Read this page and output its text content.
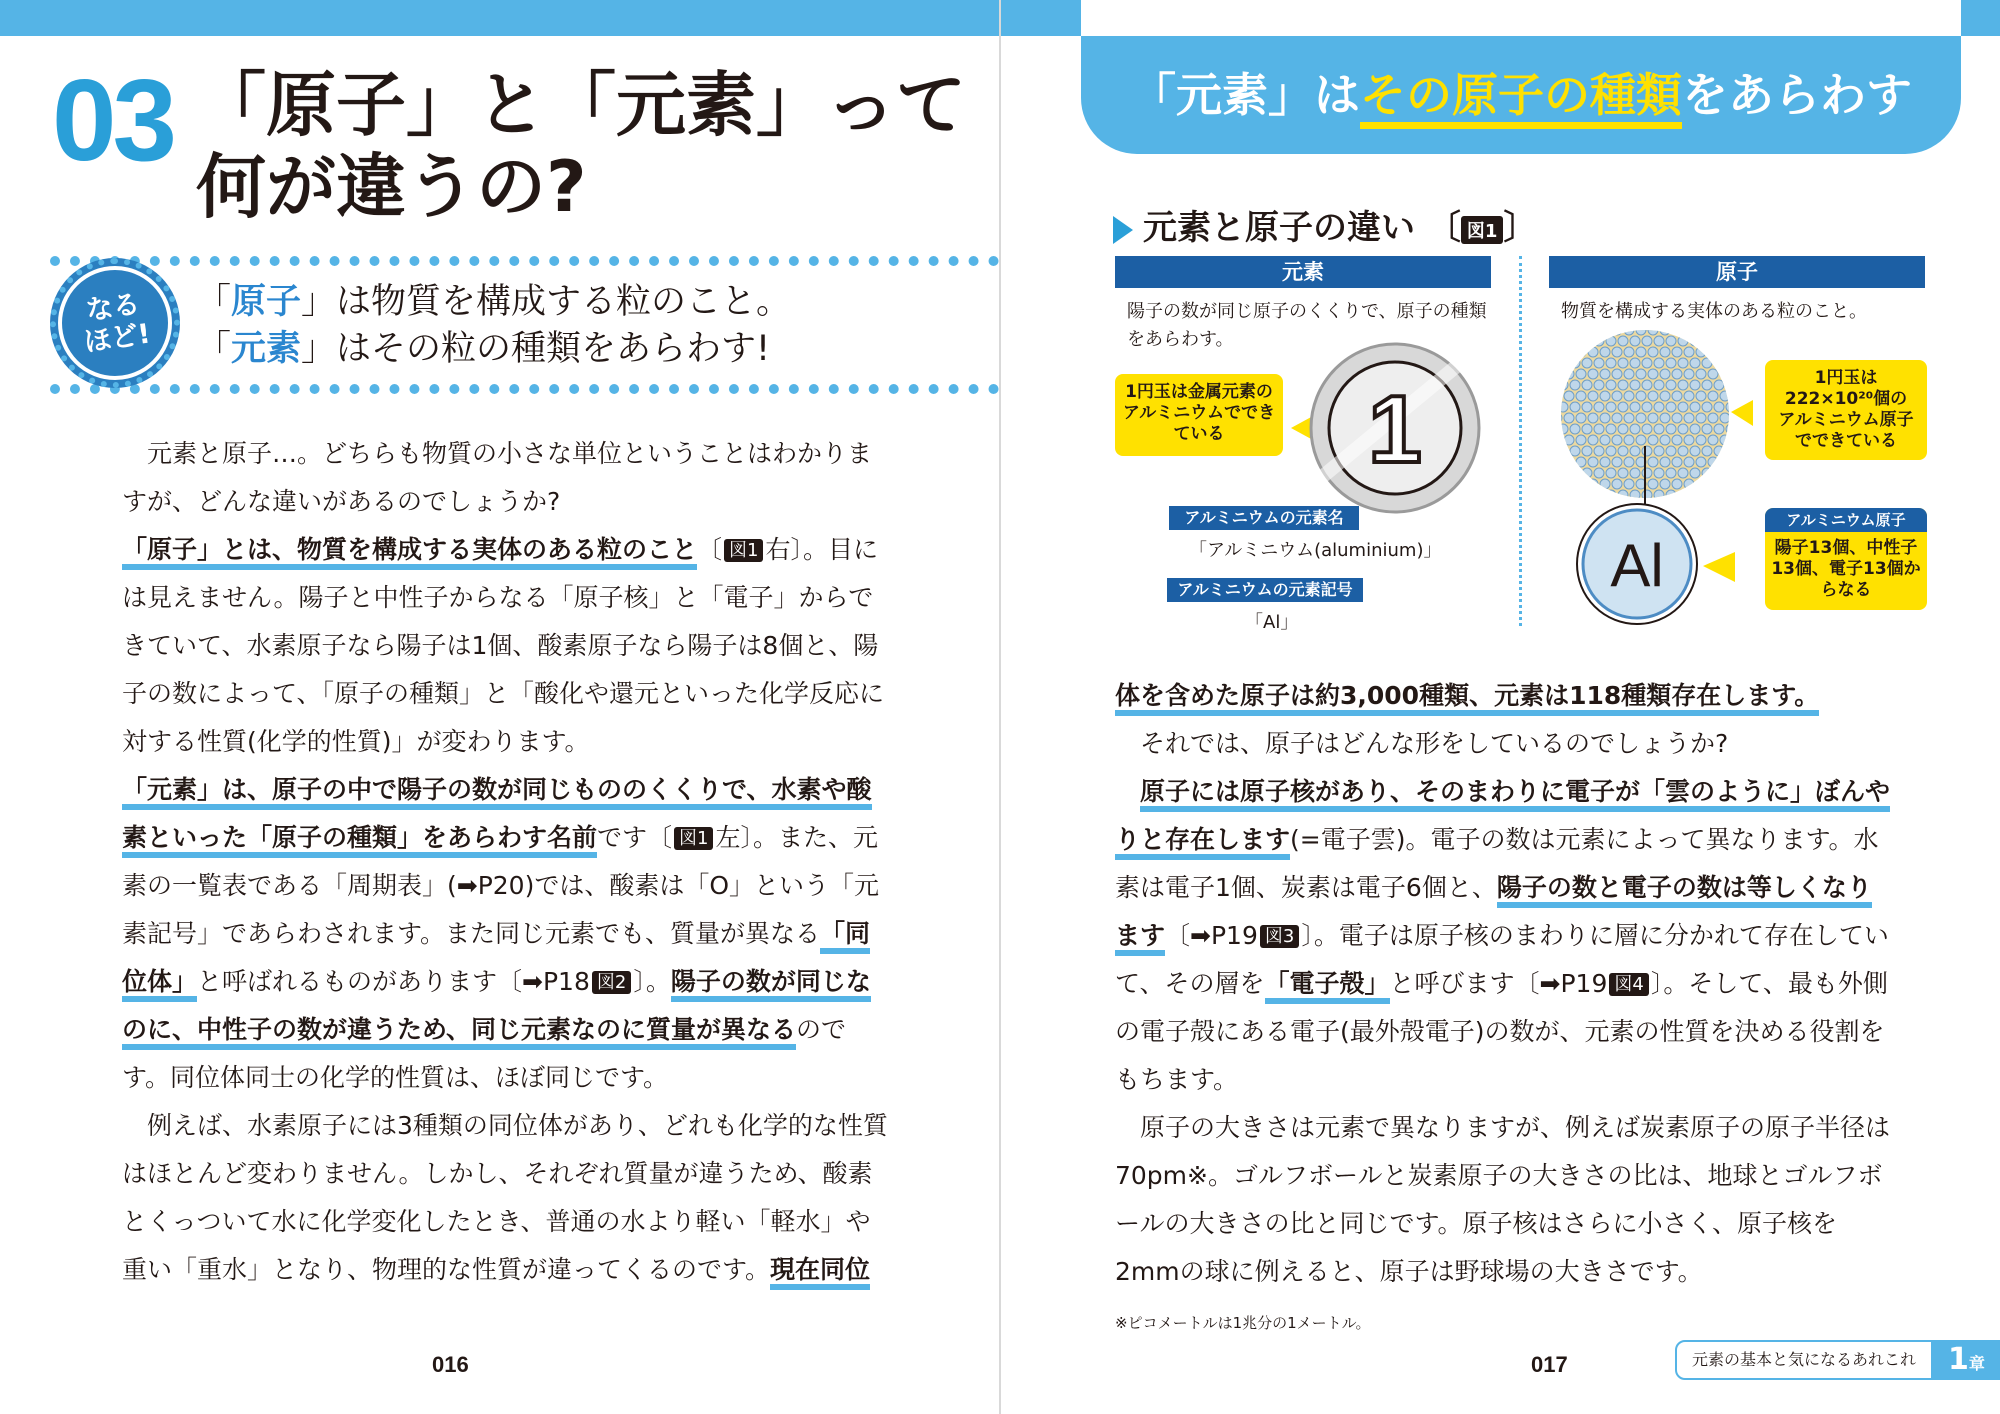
03 「原子」と「元素」って
何が違うの?
なる
ほど!
「原子」は物質を構成する粒のこと。
「元素」はその粒の種類をあらわす!

　元素と原子…。どちらも物質の小さな単位ということはわかりますが、どんな違いがあるのでしょうか?

「原子」とは、物質を構成する実体のある粒のこと〔 図1 右〕。目には見えません。陽子と中性子からなる「原子核」と「電子」からできていて、水素原子なら陽子は1個、酸素原子なら陽子は8個と、陽子の数によって、「原子の種類」と「酸化や還元といった化学反応に対する性質(化学的性質)」が変わります。

「元素」は、原子の中で陽子の数が同じもののくくりで、水素や酸素といった「原子の種類」をあらわす名前です〔 図1 左〕。また、元素の一覧表である「周期表」(➡P20)では、酸素は「O」という「元素記号」であらわされます。また同じ元素でも、質量が異なる「同位体」と呼ばれるものがあります〔➡P18 図2 〕。陽子の数が同じなのに、中性子の数が違うため、同じ元素なのに質量が異なるのです。同位体同士の化学的性質は、ほぼ同じです。

　例えば、水素原子には3種類の同位体があり、どれも化学的な性質はほとんど変わりません。しかし、それぞれ質量が違うため、酸素とくっついて水に化学変化したとき、普通の水より軽い「軽水」や重い「重水」となり、物理的な性質が違ってくるのです。現在同位

016
「元素」はその原子の種類をあらわす
元素と原子の違い 〔 図1 〕
元素	原子
陽子の数が同じ原子のくくりで、原子の種類をあらわす。
物質を構成する実体のある粒のこと。
1円玉は金属元素のアルミニウムでできている	1
アルミニウムの元素名
「アルミニウム(aluminium)」
アルミニウムの元素記号
「Al」
1円玉は
222×10²⁰個の
アルミニウム原子
でできている
Al
アルミニウム原子
陽子13個、中性子13個、電子13個からなる

体を含めた原子は約3,000種類、元素は118種類存在します。

　それでは、原子はどんな形をしているのでしょうか?

　原子には原子核があり、そのまわりに電子が「雲のように」ぼんやりと存在します(=電子雲)。電子の数は元素によって異なります。水素は電子1個、炭素は電子6個と、陽子の数と電子の数は等しくなります〔➡P19 図3 〕。電子は原子核のまわりに層に分かれて存在していて、その層を「電子殻」と呼びます〔➡P19 図4 〕。そして、最も外側の電子殻にある電子(最外殻電子)の数が、元素の性質を決める役割をもちます。

　原子の大きさは元素で異なりますが、例えば炭素原子の原子半径は70pm※。ゴルフボールと炭素原子の大きさの比は、地球とゴルフボールの大きさの比と同じです。原子核はさらに小さく、原子核を2mmの球に例えると、原子は野球場の大きさです。

※ピコメートルは1兆分の1メートル。
017	元素の基本と気になるあれこれ	1章
